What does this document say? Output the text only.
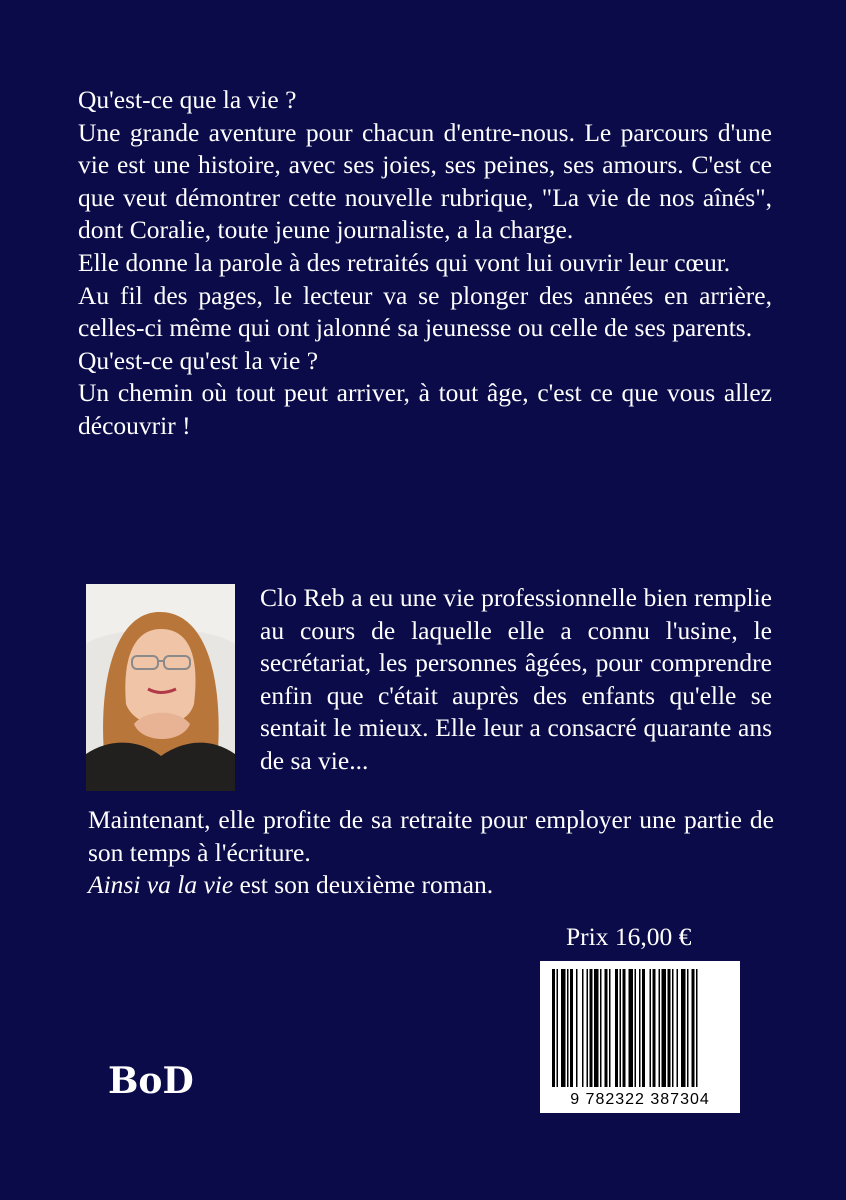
Qu'est-ce que la vie ?

Une grande aventure pour chacun d'entre-nous. Le parcours d'une vie est une histoire, avec ses joies, ses peines, ses amours. C'est ce que veut démontrer cette nouvelle rubrique, "La vie de nos aînés", dont Coralie, toute jeune journaliste, a la charge.

Elle donne la parole à des retraités qui vont lui ouvrir leur cœur.

Au fil des pages, le lecteur va se plonger des années en arrière, celles-ci même qui ont jalonné sa jeunesse ou celle de ses parents.

Qu'est-ce qu'est la vie ?

Un chemin où tout peut arriver, à tout âge, c'est ce que vous allez découvrir !

Clo Reb a eu une vie professionnelle bien remplie au cours de laquelle elle a connu l'usine, le secrétariat, les personnes âgées, pour comprendre enfin que c'était auprès des enfants qu'elle se sentait le mieux. Elle leur a consacré quarante ans de sa vie...

Maintenant, elle profite de sa retraite pour employer une partie de son temps à l'écriture.

Ainsi va la vie est son deuxième roman.

Prix 16,00 €
9 782322 387304
BoD
